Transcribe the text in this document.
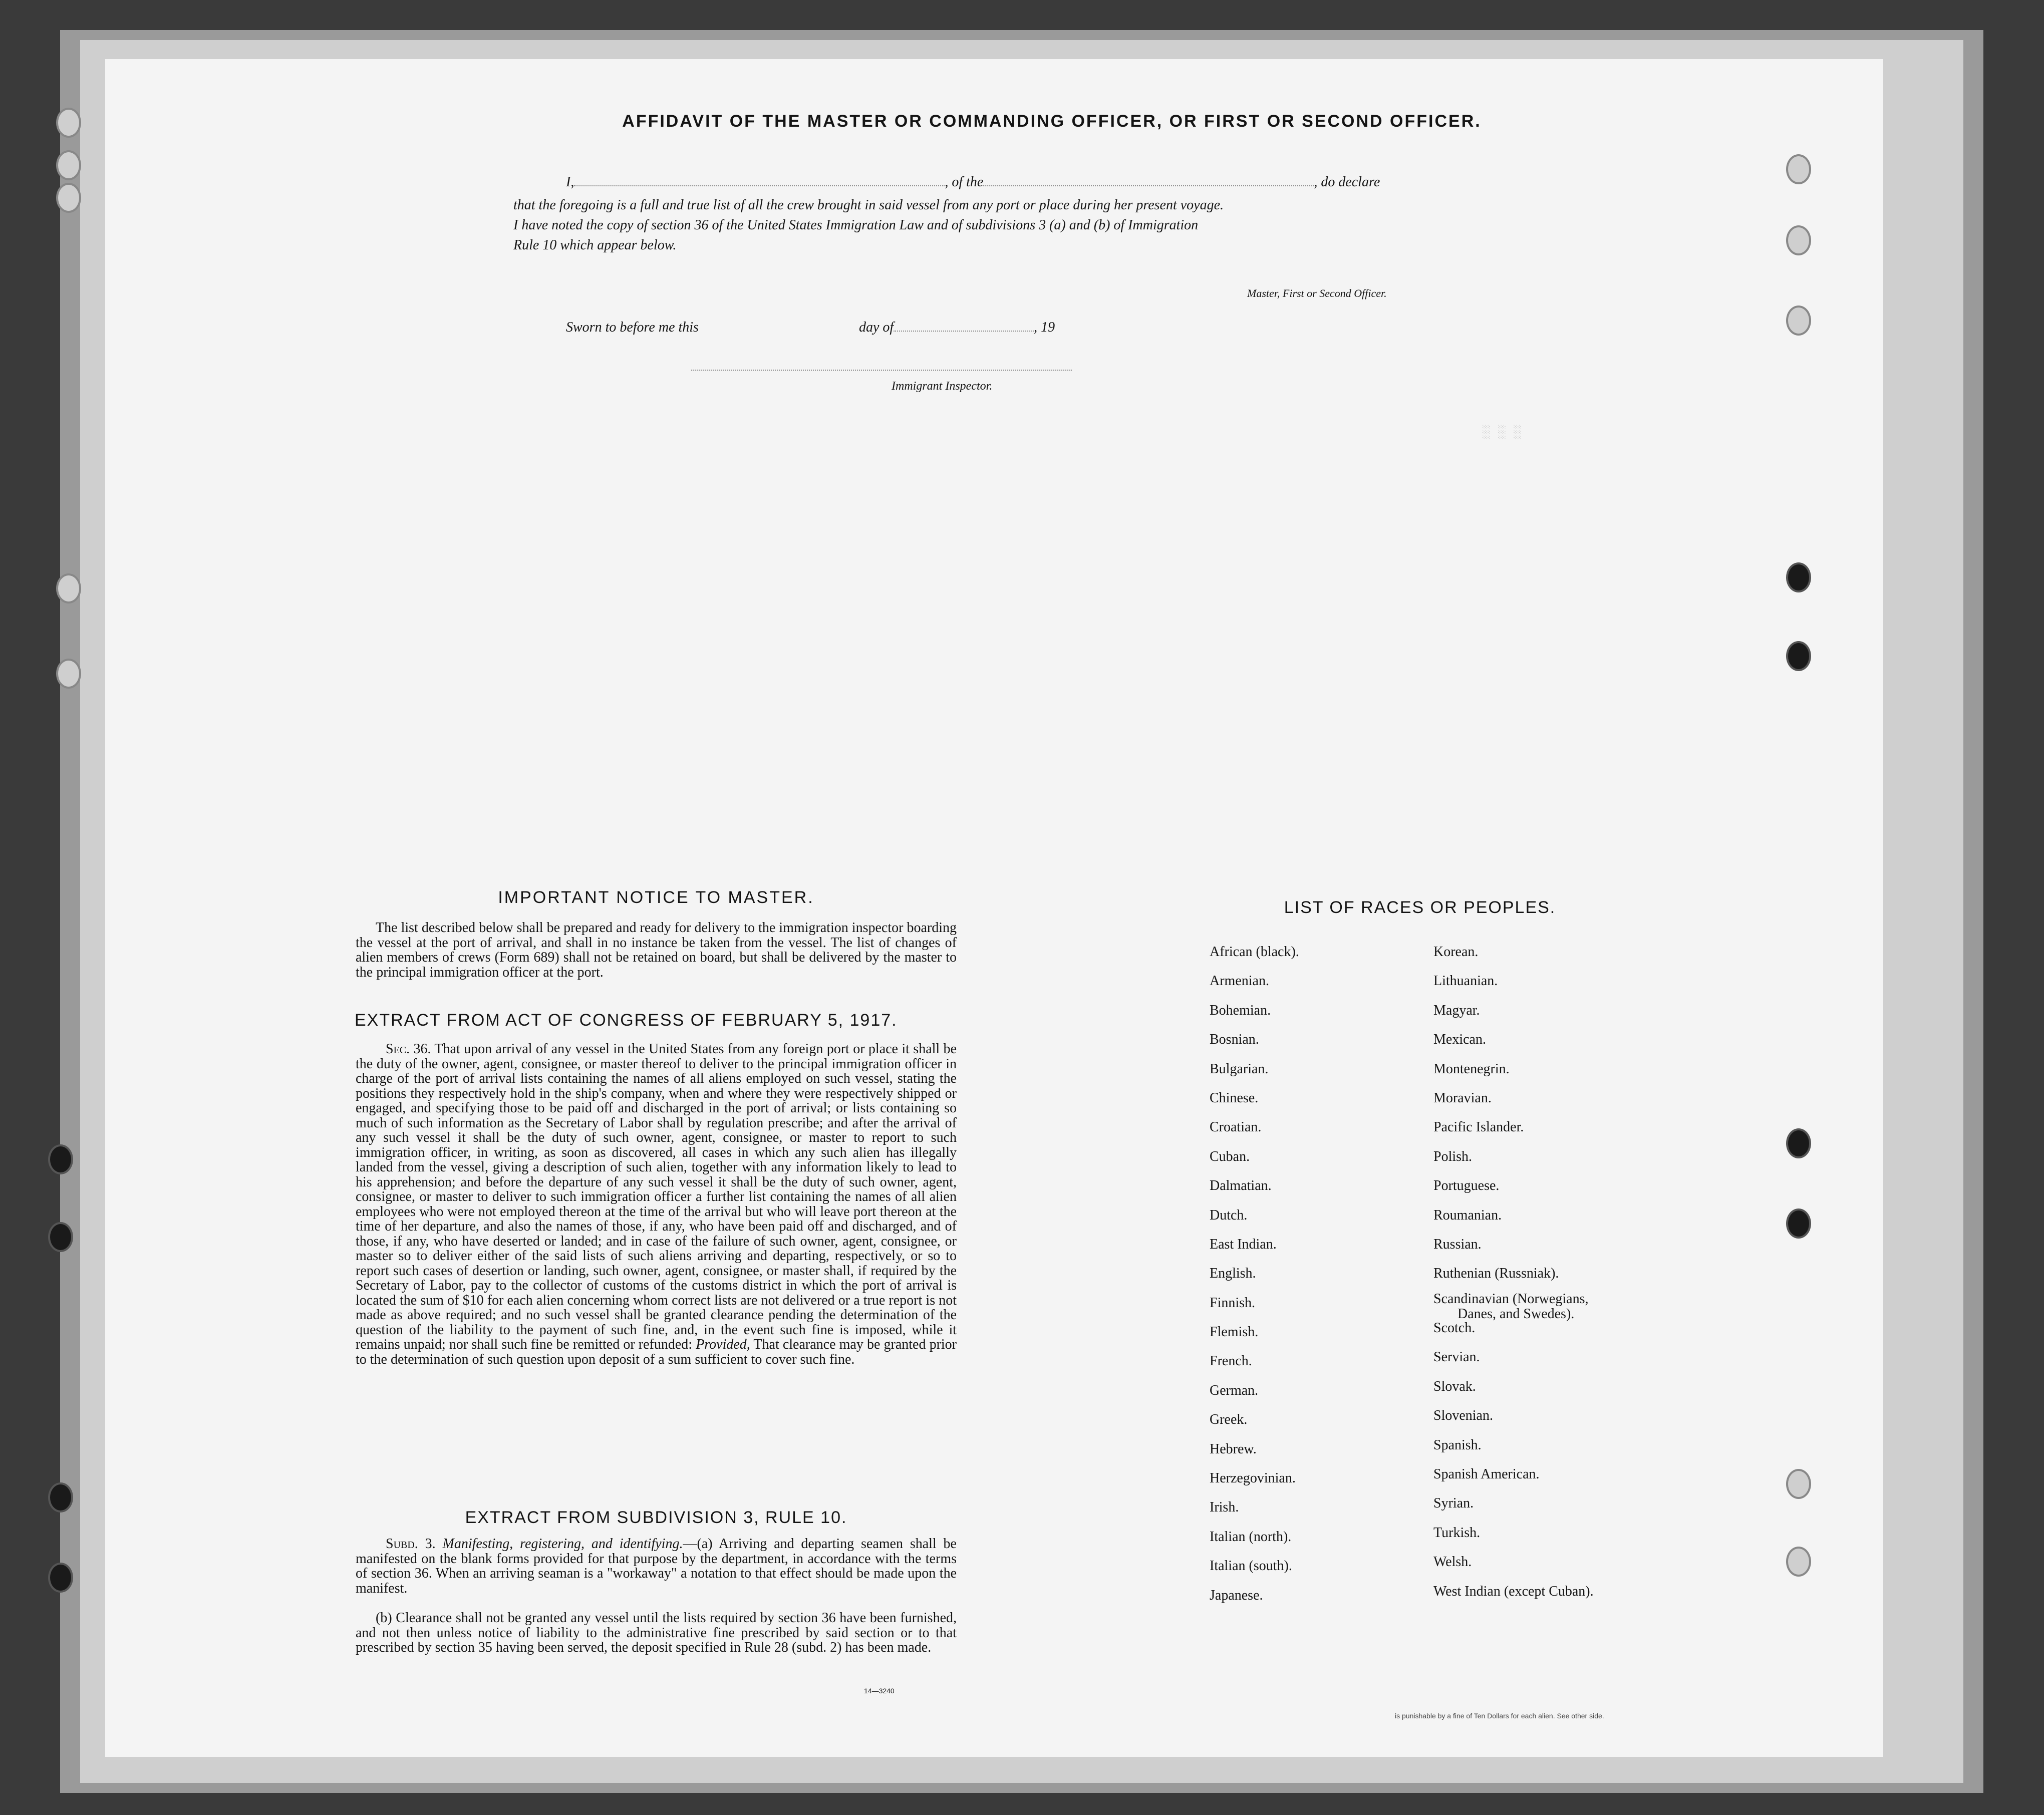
░ ░ ░
AFFIDAVIT OF THE MASTER OR COMMANDING OFFICER, OR FIRST OR SECOND OFFICER.
I,	, of the	, do declare
that the foregoing is a full and true list of all the crew brought in said vessel from any port or place during her present voyage.
I have noted the copy of section 36 of the United States Immigration Law and of subdivisions 3 (a) and (b) of Immigration
Rule 10 which appear below.
Master, First or Second Officer.
Sworn to before me this	day of	, 19
Immigrant Inspector.
IMPORTANT NOTICE TO MASTER.
The list described below shall be prepared and ready for delivery to the immigration inspector boarding the vessel at the port of arrival, and shall in no instance be taken from the vessel. The list of changes of alien members of crews (Form 689) shall not be retained on board, but shall be delivered by the master to the principal immigration officer at the port.
EXTRACT FROM ACT OF CONGRESS OF FEBRUARY 5, 1917.
Sec. 36. That upon arrival of any vessel in the United States from any foreign port or place it shall be the duty of the owner, agent, consignee, or master thereof to deliver to the principal immigration officer in charge of the port of arrival lists containing the names of all aliens employed on such vessel, stating the positions they respectively hold in the ship's company, when and where they were respectively shipped or engaged, and specifying those to be paid off and discharged in the port of arrival; or lists containing so much of such information as the Secretary of Labor shall by regulation prescribe; and after the arrival of any such vessel it shall be the duty of such owner, agent, consignee, or master to report to such immigration officer, in writing, as soon as discovered, all cases in which any such alien has illegally landed from the vessel, giving a description of such alien, together with any information likely to lead to his apprehension; and before the departure of any such vessel it shall be the duty of such owner, agent, consignee, or master to deliver to such immigration officer a further list containing the names of all alien employees who were not employed thereon at the time of the arrival but who will leave port thereon at the time of her departure, and also the names of those, if any, who have been paid off and discharged, and of those, if any, who have deserted or landed; and in case of the failure of such owner, agent, consignee, or master so to deliver either of the said lists of such aliens arriving and departing, respectively, or so to report such cases of desertion or landing, such owner, agent, consignee, or master shall, if required by the Secretary of Labor, pay to the collector of customs of the customs district in which the port of arrival is located the sum of $10 for each alien concerning whom correct lists are not delivered or a true report is not made as above required; and no such vessel shall be granted clearance pending the determination of the question of the liability to the payment of such fine, and, in the event such fine is imposed, while it remains unpaid; nor shall such fine be remitted or refunded: Provided, That clearance may be granted prior to the determination of such question upon deposit of a sum sufficient to cover such fine.
EXTRACT FROM SUBDIVISION 3, RULE 10.
Subd. 3. Manifesting, registering, and identifying.—(a) Arriving and departing seamen shall be manifested on the blank forms provided for that purpose by the department, in accordance with the terms of section 36. When an arriving seaman is a "workaway" a notation to that effect should be made upon the manifest.
(b) Clearance shall not be granted any vessel until the lists required by section 36 have been furnished, and not then unless notice of liability to the administrative fine prescribed by said section or to that prescribed by section 35 having been served, the deposit specified in Rule 28 (subd. 2) has been made.
14—3240
LIST OF RACES OR PEOPLES.
African (black).
Armenian.
Bohemian.
Bosnian.
Bulgarian.
Chinese.
Croatian.
Cuban.
Dalmatian.
Dutch.
East Indian.
English.
Finnish.
Flemish.
French.
German.
Greek.
Hebrew.
Herzegovinian.
Irish.
Italian (north).
Italian (south).
Japanese.
Korean.
Lithuanian.
Magyar.
Mexican.
Montenegrin.
Moravian.
Pacific Islander.
Polish.
Portuguese.
Roumanian.
Russian.
Ruthenian (Russniak).
Scandinavian (Norwegians,
Danes, and Swedes).
Scotch.
Servian.
Slovak.
Slovenian.
Spanish.
Spanish American.
Syrian.
Turkish.
Welsh.
West Indian (except Cuban).
is punishable by a fine of Ten Dollars for each alien. See other side.
